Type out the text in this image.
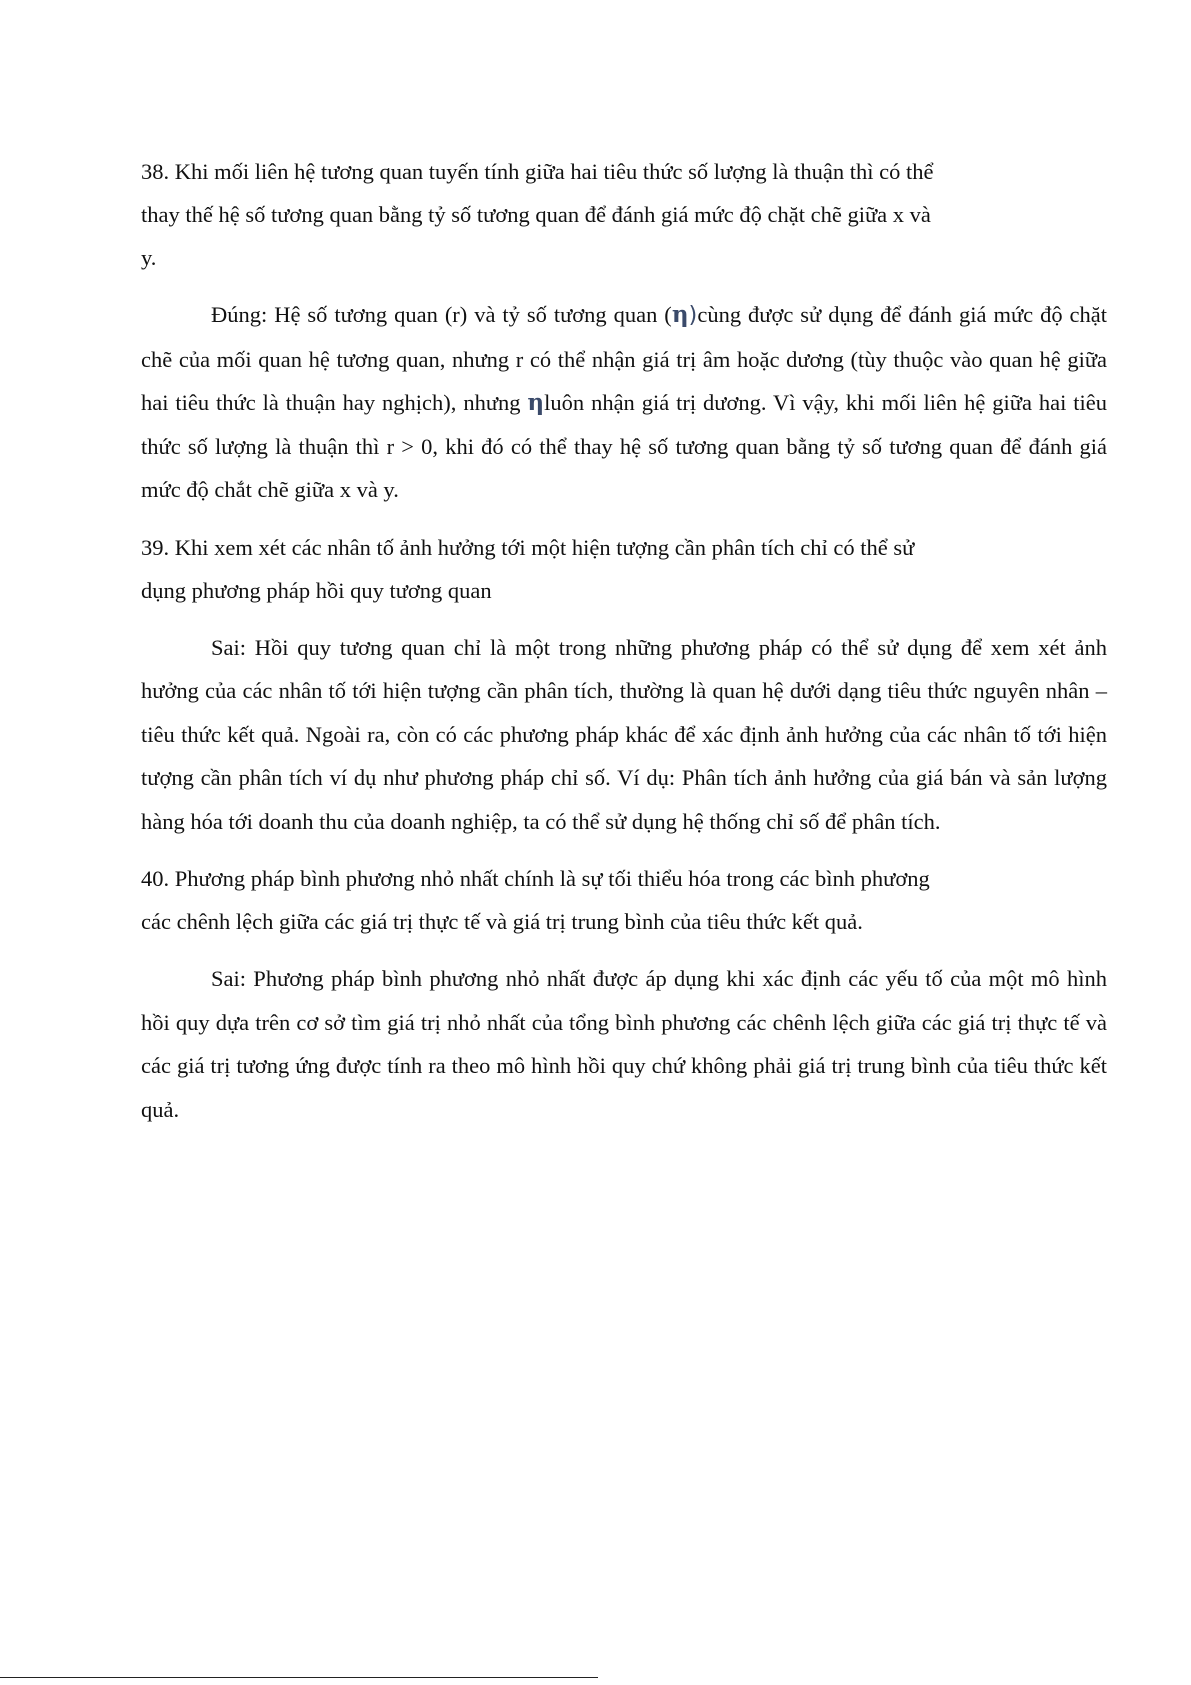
38. Khi mối liên hệ tương quan tuyến tính giữa hai tiêu thức số lượng là thuận thì có thể
thay thế hệ số tương quan bằng tỷ số tương quan để đánh giá mức độ chặt chẽ giữa x và
y.

Đúng: Hệ số tương quan (r) và tỷ số tương quan (η)cùng được sử dụng để đánh giá mức độ chặt chẽ của mối quan hệ tương quan, nhưng r có thể nhận giá trị âm hoặc dương (tùy thuộc vào quan hệ giữa hai tiêu thức là thuận hay nghịch), nhưng ηluôn nhận giá trị dương. Vì vậy, khi mối liên hệ giữa hai tiêu thức số lượng là thuận thì r > 0, khi đó có thể thay hệ số tương quan bằng tỷ số tương quan để đánh giá mức độ chắt chẽ giữa x và y.

39. Khi xem xét các nhân tố ảnh hưởng tới một hiện tượng cần phân tích chỉ có thể sử
dụng phương pháp hồi quy tương quan

Sai: Hồi quy tương quan chỉ là một trong những phương pháp có thể sử dụng để xem xét ảnh hưởng của các nhân tố tới hiện tượng cần phân tích, thường là quan hệ dưới dạng tiêu thức nguyên nhân – tiêu thức kết quả. Ngoài ra, còn có các phương pháp khác để xác định ảnh hưởng của các nhân tố tới hiện tượng cần phân tích ví dụ như phương pháp chỉ số. Ví dụ: Phân tích ảnh hưởng của giá bán và sản lượng hàng hóa tới doanh thu của doanh nghiệp, ta có thể sử dụng hệ thống chỉ số để phân tích.

40. Phương pháp bình phương nhỏ nhất chính là sự tối thiểu hóa trong các bình phương
các chênh lệch giữa các giá trị thực tế và giá trị trung bình của tiêu thức kết quả.

Sai: Phương pháp bình phương nhỏ nhất được áp dụng khi xác định các yếu tố của một mô hình hồi quy dựa trên cơ sở tìm giá trị nhỏ nhất của tổng bình phương các chênh lệch giữa các giá trị thực tế và các giá trị tương ứng được tính ra theo mô hình hồi quy chứ không phải giá trị trung bình của tiêu thức kết quả.
